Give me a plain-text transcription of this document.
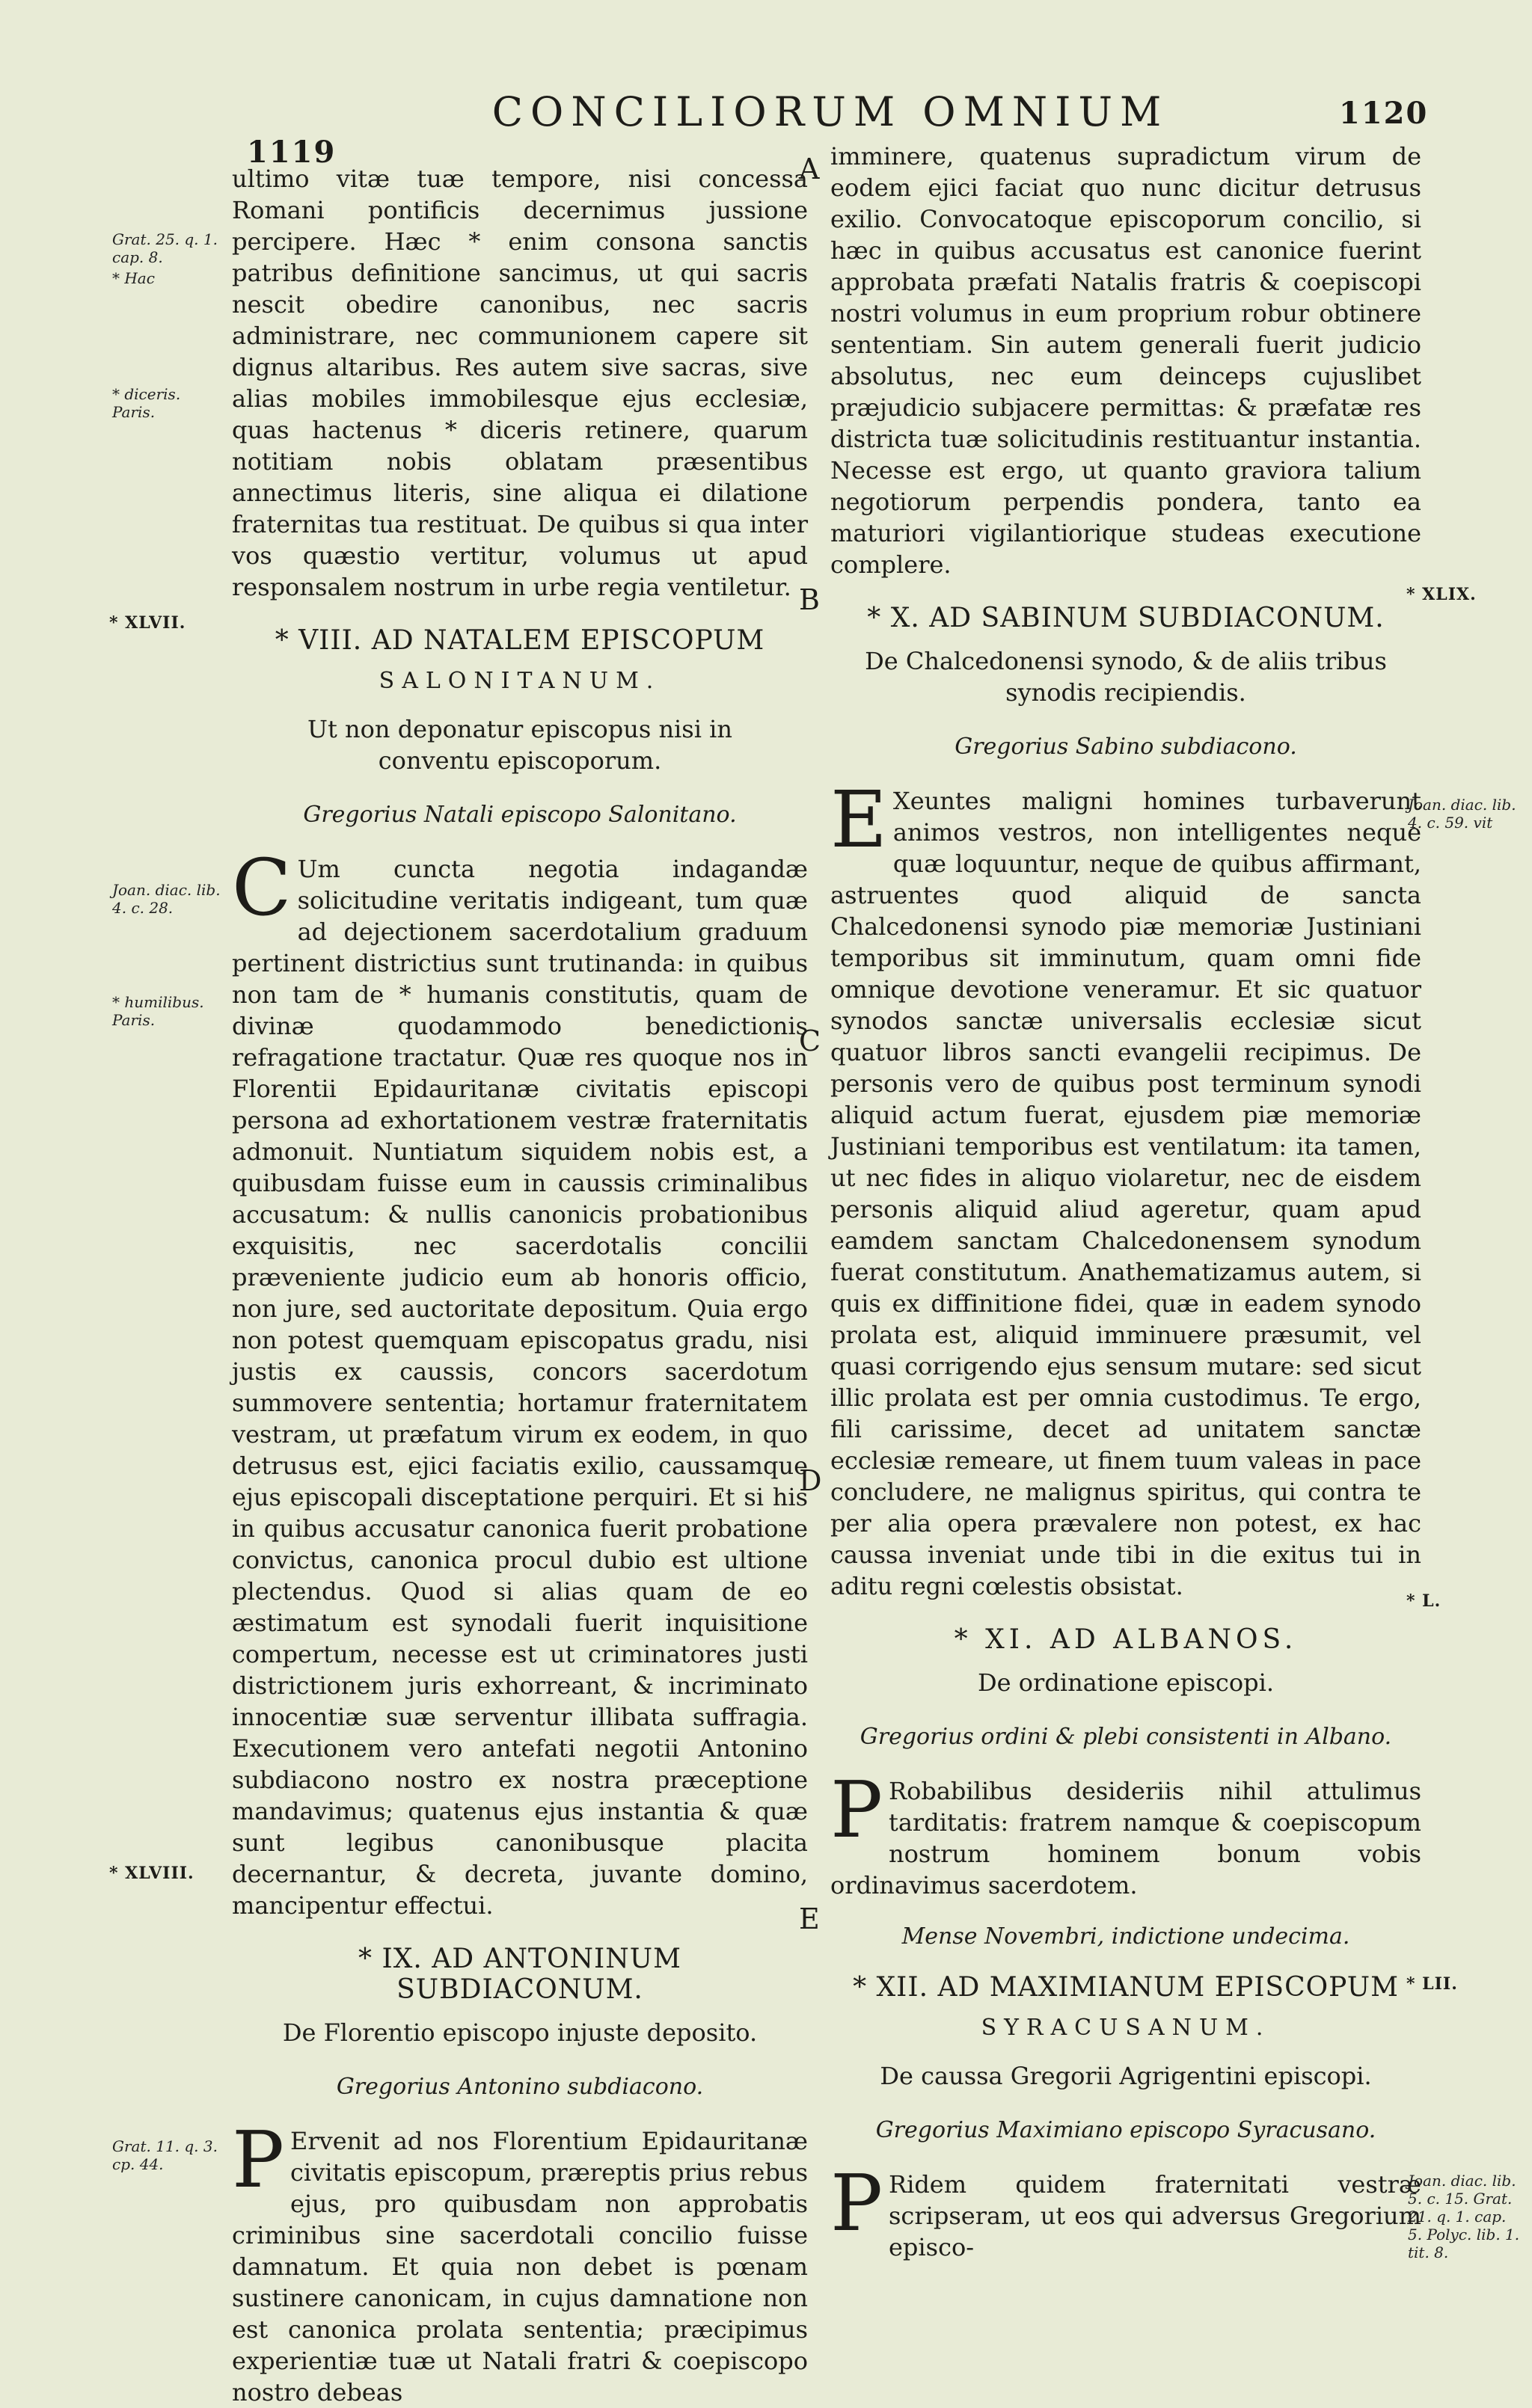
1119
CONCILIORUM OMNIUM	1120
Grat. 25. q. 1. cap. 8.
* Hac
* diceris. Paris.
* XLVII.
Joan. diac. lib. 4. c. 28.
* humilibus. Paris.
* XLVIII.
Grat. 11. q. 3. cp. 44.
* XLIX.
Joan. diac. lib. 4. c. 59. vit
* L.
* LII.
Joan. diac. lib. 5. c. 15. Grat. 21. q. 1. cap. 5. Polyc. lib. 1. tit. 8.
A
B
C
D
E

ultimo vitæ tuæ tempore, nisi concessa Romani pontificis decernimus jussione percipere. Hæc * enim consona sanctis patribus definitione sancimus, ut qui sacris nescit obedire canonibus, nec sacris administrare, nec communionem capere sit dignus altaribus. Res autem sive sacras, sive alias mobiles immobilesque ejus ecclesiæ, quas hactenus * diceris retinere, quarum notitiam nobis oblatam præsentibus annectimus literis, sine aliqua ei dilatione fraternitas tua restituat. De quibus si qua inter vos quæstio vertitur, volumus ut apud responsalem nostrum in urbe regia ventiletur.

* VIII. AD NATALEM EPISCOPUM
SALONITANUM.
Ut non deponatur episcopus nisi in conventu episcoporum.
Gregorius Natali episcopo Salonitano.

C Um cuncta negotia indagandæ solicitudine veritatis indigeant, tum quæ ad dejectionem sacerdotalium graduum pertinent districtius sunt trutinanda: in quibus non tam de * humanis constitutis, quam de divinæ quodammodo benedictionis refragatione tractatur. Quæ res quoque nos in Florentii Epidauritanæ civitatis episcopi persona ad exhortationem vestræ fraternitatis admonuit. Nuntiatum siquidem nobis est, a quibusdam fuisse eum in caussis criminalibus accusatum: & nullis canonicis probationibus exquisitis, nec sacerdotalis concilii præveniente judicio eum ab honoris officio, non jure, sed auctoritate depositum. Quia ergo non potest quemquam episcopatus gradu, nisi justis ex caussis, concors sacerdotum summovere sententia; hortamur fraternitatem vestram, ut præfatum virum ex eodem, in quo detrusus est, ejici faciatis exilio, caussamque ejus episcopali disceptatione perquiri. Et si his in quibus accusatur canonica fuerit probatione convictus, canonica procul dubio est ultione plectendus. Quod si alias quam de eo æstimatum est synodali fuerit inquisitione compertum, necesse est ut criminatores justi districtionem juris exhorreant, & incriminato innocentiæ suæ serventur illibata suffragia. Executionem vero antefati negotii Antonino subdiacono nostro ex nostra præceptione mandavimus; quatenus ejus instantia & quæ sunt legibus canonibusque placita decernantur, & decreta, juvante domino, mancipentur effectui.

* IX. AD ANTONINUM SUBDIACONUM.
De Florentio episcopo injuste deposito.
Gregorius Antonino subdiacono.

P Ervenit ad nos Florentium Epidauritanæ civitatis episcopum, præreptis prius rebus ejus, pro quibusdam non approbatis criminibus sine sacerdotali concilio fuisse damnatum. Et quia non debet is pœnam sustinere canonicam, in cujus damnatione non est canonica prolata sententia; præcipimus experientiæ tuæ ut Natali fratri & coepiscopo nostro debeas

imminere, quatenus supradictum virum de eodem ejici faciat quo nunc dicitur detrusus exilio. Convocatoque episcoporum concilio, si hæc in quibus accusatus est canonice fuerint approbata præfati Natalis fratris & coepiscopi nostri volumus in eum proprium robur obtinere sententiam. Sin autem generali fuerit judicio absolutus, nec eum deinceps cujuslibet præjudicio subjacere permittas: & præfatæ res districta tuæ solicitudinis restituantur instantia. Necesse est ergo, ut quanto graviora talium negotiorum perpendis pondera, tanto ea maturiori vigilantiorique studeas executione complere.

* X. AD SABINUM SUBDIACONUM.
De Chalcedonensi synodo, & de aliis tribus synodis recipiendis.
Gregorius Sabino subdiacono.

E Xeuntes maligni homines turbaverunt animos vestros, non intelligentes neque quæ loquuntur, neque de quibus affirmant, astruentes quod aliquid de sancta Chalcedonensi synodo piæ memoriæ Justiniani temporibus sit imminutum, quam omni fide omnique devotione veneramur. Et sic quatuor synodos sanctæ universalis ecclesiæ sicut quatuor libros sancti evangelii recipimus. De personis vero de quibus post terminum synodi aliquid actum fuerat, ejusdem piæ memoriæ Justiniani temporibus est ventilatum: ita tamen, ut nec fides in aliquo violaretur, nec de eisdem personis aliquid aliud ageretur, quam apud eamdem sanctam Chalcedonensem synodum fuerat constitutum. Anathematizamus autem, si quis ex diffinitione fidei, quæ in eadem synodo prolata est, aliquid imminuere præsumit, vel quasi corrigendo ejus sensum mutare: sed sicut illic prolata est per omnia custodimus. Te ergo, fili carissime, decet ad unitatem sanctæ ecclesiæ remeare, ut finem tuum valeas in pace concludere, ne malignus spiritus, qui contra te per alia opera prævalere non potest, ex hac caussa inveniat unde tibi in die exitus tui in aditu regni cœlestis obsistat.

* XI. AD ALBANOS.
De ordinatione episcopi.
Gregorius ordini & plebi consistenti in Albano.

P Robabilibus desideriis nihil attulimus tarditatis: fratrem namque & coepiscopum nostrum hominem bonum vobis ordinavimus sacerdotem.

Mense Novembri, indictione undecima.
* XII. AD MAXIMIANUM EPISCOPUM
SYRACUSANUM.
De caussa Gregorii Agrigentini episcopi.
Gregorius Maximiano episcopo Syracusano.

P Ridem quidem fraternitati vestræ scripseram, ut eos qui adversus Gregorium episco-
